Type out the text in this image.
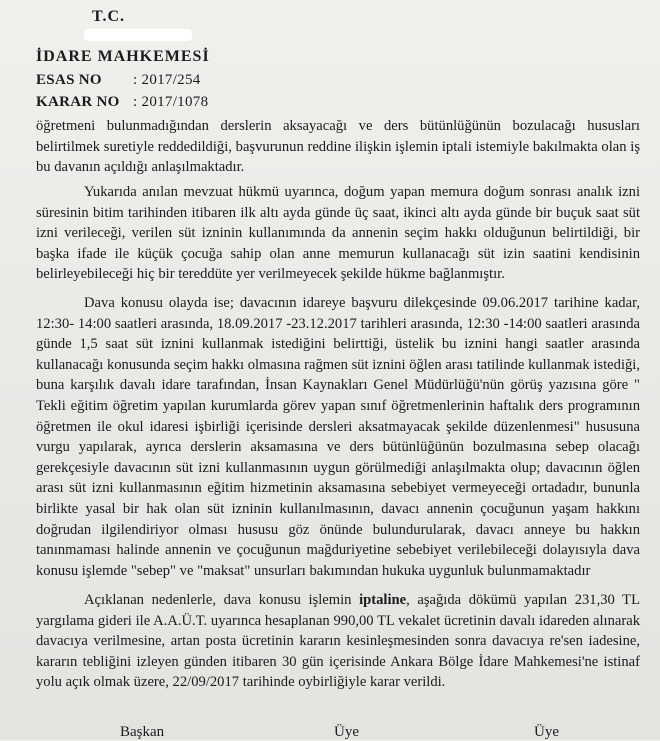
T.C.
İDARE MAHKEMESİ
ESAS NO : 2017/254
KARAR NO : 2017/1078
öğretmeni bulunmadığından derslerin aksayacağı ve ders bütünlüğünün bozulacağı hususları belirtilmek suretiyle reddedildiği, başvurunun reddine ilişkin işlemin iptali istemiyle bakılmakta olan iş bu davanın açıldığı anlaşılmaktadır.
Yukarıda anılan mevzuat hükmü uyarınca, doğum yapan memura doğum sonrası analık izni süresinin bitim tarihinden itibaren ilk altı ayda günde üç saat, ikinci altı ayda günde bir buçuk saat süt izni verileceği, verilen süt izninin kullanımında da annenin seçim hakkı olduğunun belirtildiği, bir başka ifade ile küçük çocuğa sahip olan anne memurun kullanacağı süt izin saatini kendisinin belirleyebileceği hiç bir tereddüte yer verilmeyecek şekilde hükme bağlanmıştır.
Dava konusu olayda ise; davacının idareye başvuru dilekçesinde 09.06.2017 tarihine kadar, 12:30- 14:00 saatleri arasında, 18.09.2017 -23.12.2017 tarihleri arasında, 12:30 -14:00 saatleri arasında günde 1,5 saat süt iznini kullanmak istediğini belirttiği, üstelik bu iznini hangi saatler arasında kullanacağı konusunda seçim hakkı olmasına rağmen süt iznini öğlen arası tatilinde kullanmak istediği, buna karşılık davalı idare tarafından, İnsan Kaynakları Genel Müdürlüğü'nün görüş yazısına göre " Tekli eğitim öğretim yapılan kurumlarda görev yapan sınıf öğretmenlerinin haftalık ders programının öğretmen ile okul idaresi işbirliği içerisinde dersleri aksatmayacak şekilde düzenlenmesi" hususuna vurgu yapılarak, ayrıca derslerin aksamasına ve ders bütünlüğünün bozulmasına sebep olacağı gerekçesiyle davacının süt izni kullanmasının uygun görülmediği anlaşılmakta olup; davacının öğlen arası süt izni kullanmasının eğitim hizmetinin aksamasına sebebiyet vermeyeceği ortadadır, bununla birlikte yasal bir hak olan süt izninin kullanılmasının, davacı annenin çocuğunun yaşam hakkını doğrudan ilgilendiriyor olması hususu göz önünde bulundurularak, davacı anneye bu hakkın tanınmaması halinde annenin ve çocuğunun mağduriyetine sebebiyet verilebileceği dolayısıyla dava konusu işlemde "sebep" ve "maksat" unsurları bakımından hukuka uygunluk bulunmamaktadır
Açıklanan nedenlerle, dava konusu işlemin iptaline, aşağıda dökümü yapılan 231,30 TL yargılama gideri ile A.A.Ü.T. uyarınca hesaplanan 990,00 TL vekalet ücretinin davalı idareden alınarak davacıya verilmesine, artan posta ücretinin kararın kesinleşmesinden sonra davacıya re'sen iadesine, kararın tebliğini izleyen günden itibaren 30 gün içerisinde Ankara Bölge İdare Mahkemesi'ne istinaf yolu açık olmak üzere, 22/09/2017 tarihinde oybirliğiyle karar verildi.
Başkan	Üye	Üye
